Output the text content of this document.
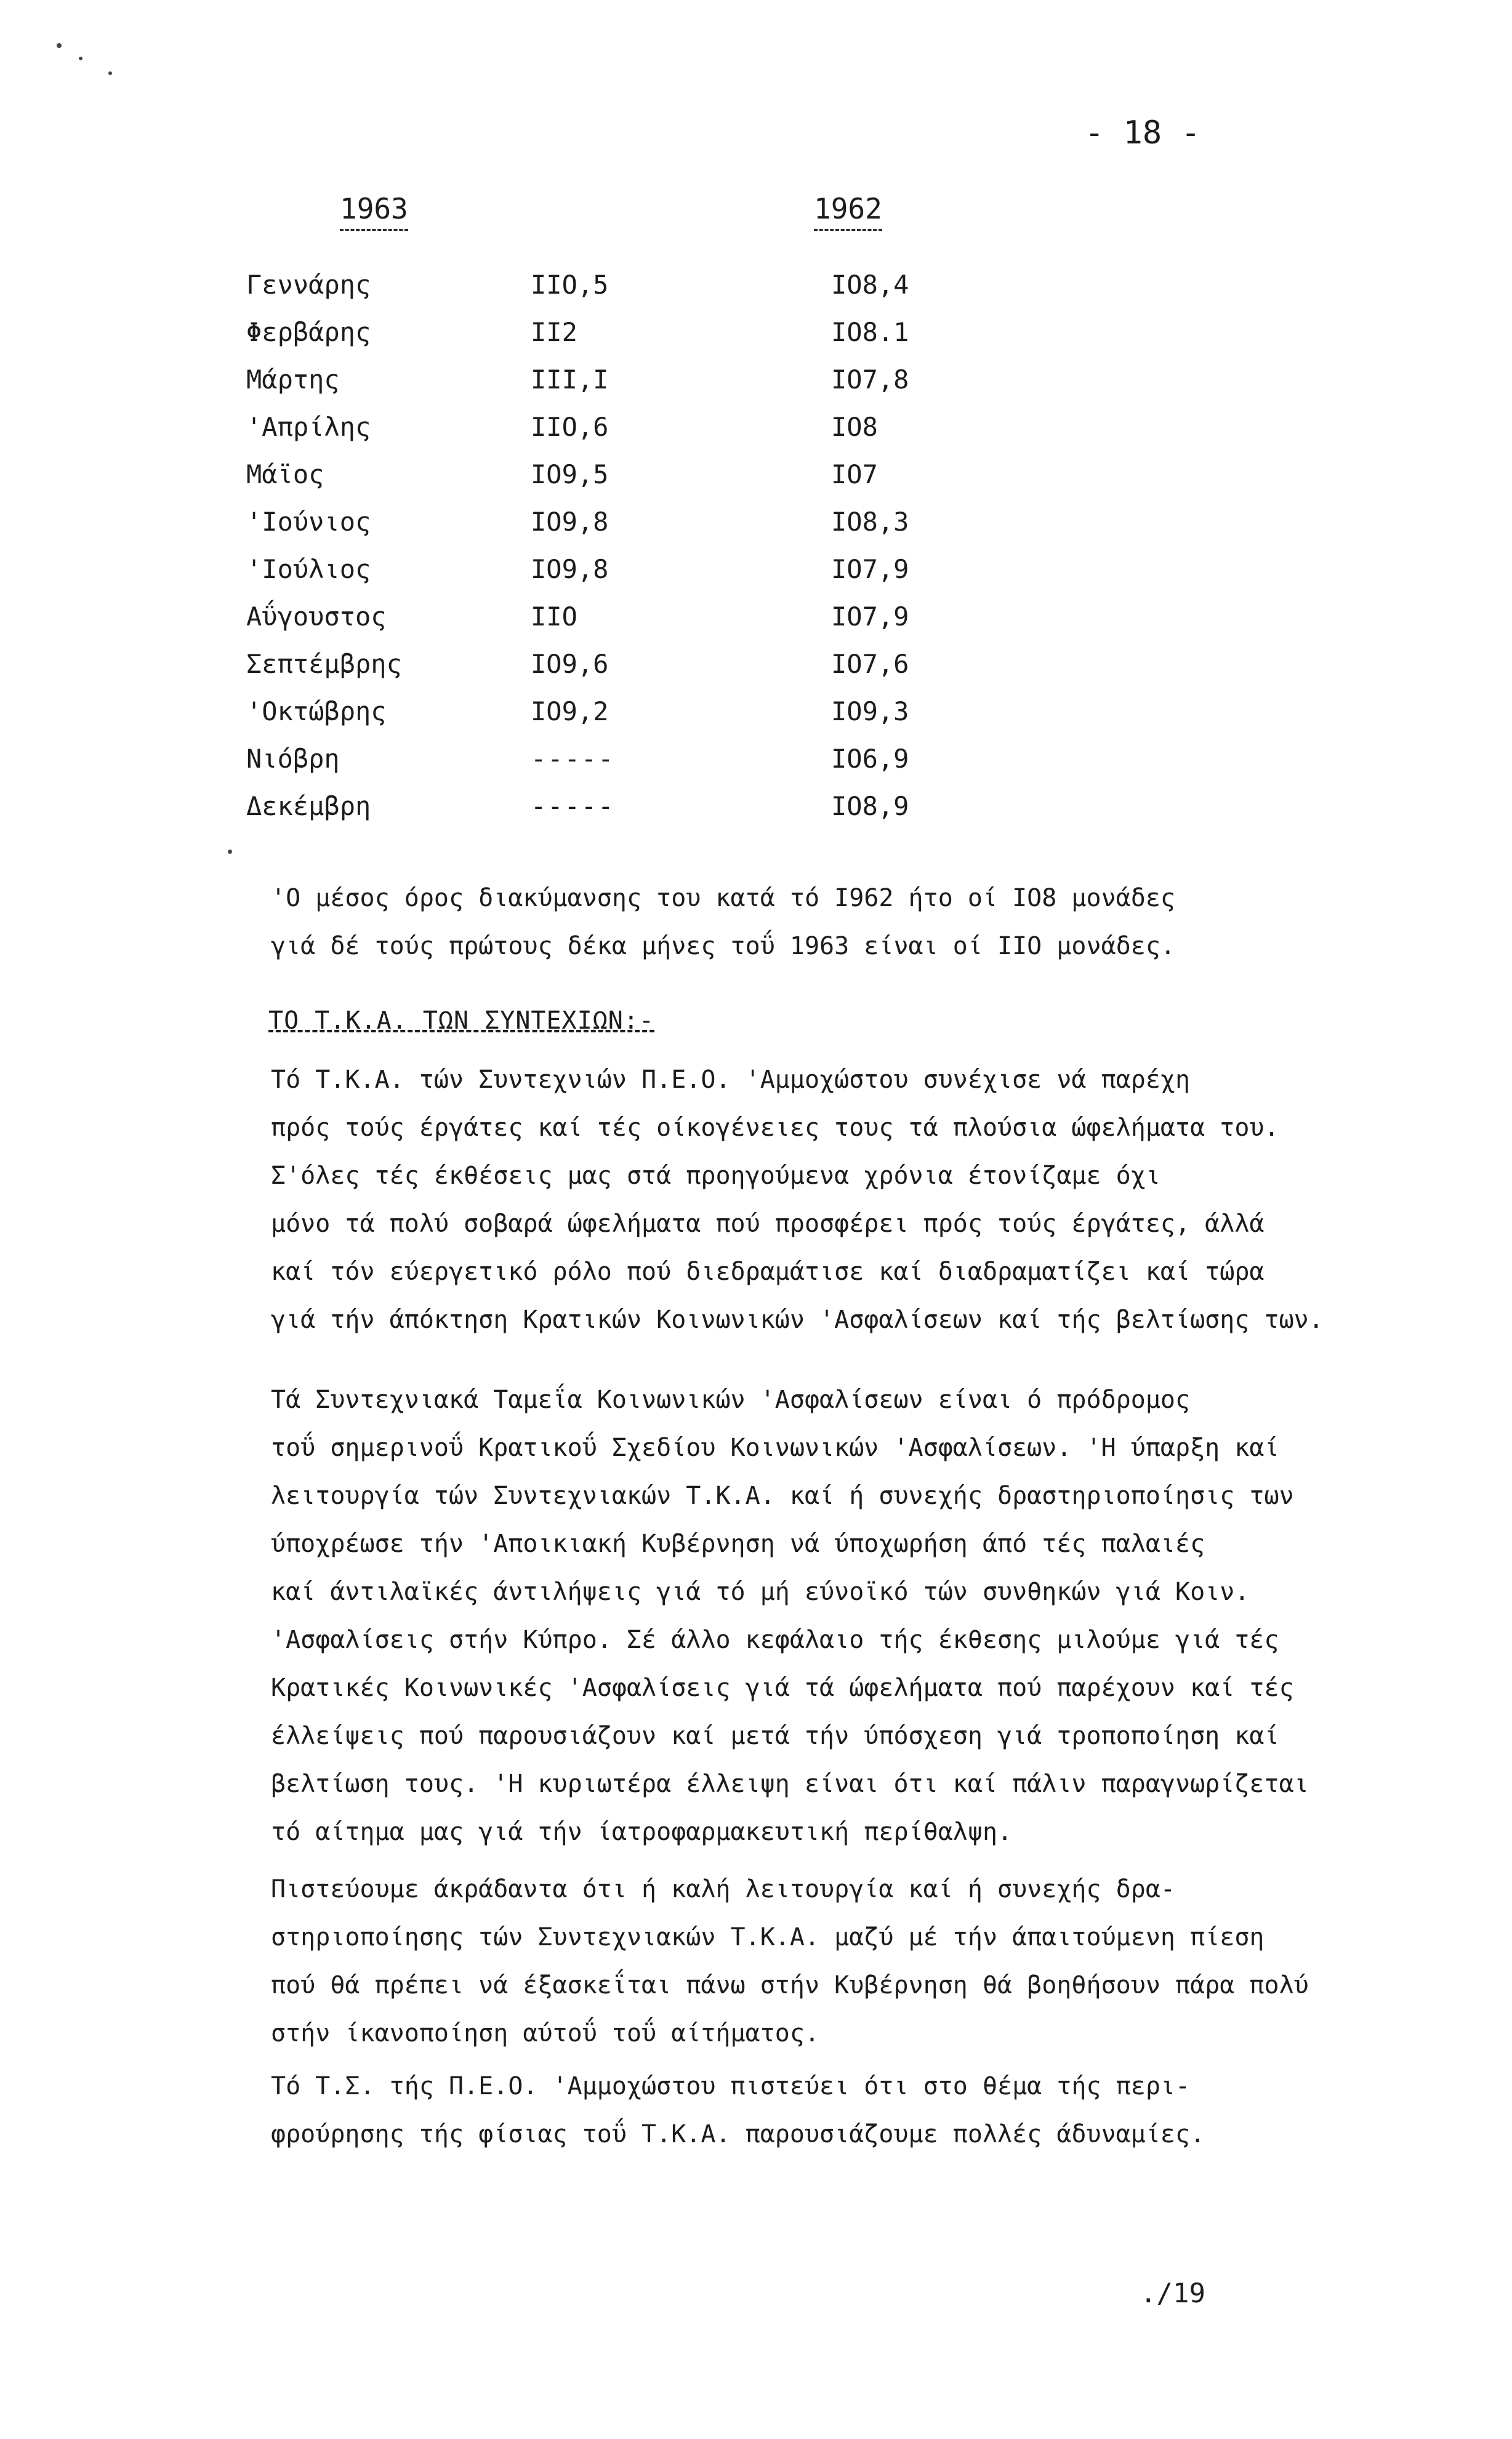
- 18 -
1963	1962
Γεννάρης	ΙΙΟ,5	ΙΟ8,4
Φερβάρης	ΙΙ2	ΙΟ8.1
Μάρτης	ΙΙΙ,Ι	ΙΟ7,8
'Απρίλης	ΙΙΟ,6	ΙΟ8
Μάϊος	ΙΟ9,5	ΙΟ7
'Ιούνιος	ΙΟ9,8	ΙΟ8,3
'Ιούλιος	ΙΟ9,8	ΙΟ7,9
Αΰγουστος	ΙΙΟ	ΙΟ7,9
Σεπτέμβρης	ΙΟ9,6	ΙΟ7,6
'Οκτώβρης	ΙΟ9,2	ΙΟ9,3
Νιόβρη	-----	ΙΟ6,9
Δεκέμβρη	-----	ΙΟ8,9
'Ο μέσος όρος διακύμανσης του κατά τό Ι962 ήτο οί ΙΟ8 μονάδες
γιά δέ τούς πρώτους δέκα μήνες τοΰ 1963 είναι οί ΙΙΟ μονάδες.
ΤΟ Τ.Κ.Α. ΤΩΝ ΣΥΝΤΕΧΙΩΝ:-
Τό Τ.Κ.Α. τών Συντεχνιών Π.Ε.Ο. 'Αμμοχώστου συνέχισε νά παρέχη
πρός τούς έργάτες καί τές οίκογένειες τους τά πλούσια ώφελήματα του.
Σ'όλες τές έκθέσεις μας στά προηγούμενα χρόνια έτονίζαμε όχι
μόνο τά πολύ σοβαρά ώφελήματα πού προσφέρει πρός τούς έργάτες, άλλά
καί τόν εύεργετικό ρόλο πού διεδραμάτισε καί διαδραματίζει καί τώρα
γιά τήν άπόκτηση Κρατικών Κοινωνικών 'Ασφαλίσεων καί τής βελτίωσης των.
Τά Συντεχνιακά Ταμεΐα Κοινωνικών 'Ασφαλίσεων είναι ό πρόδρομος
τοΰ σημερινοΰ Κρατικοΰ Σχεδίου Κοινωνικών 'Ασφαλίσεων. 'Η ύπαρξη καί
λειτουργία τών Συντεχνιακών Τ.Κ.Α. καί ή συνεχής δραστηριοποίησις των
ύποχρέωσε τήν 'Αποικιακή Κυβέρνηση νά ύποχωρήση άπό τές παλαιές
καί άντιλαϊκές άντιλήψεις γιά τό μή εύνοϊκό τών συνθηκών γιά Κοιν.
'Ασφαλίσεις στήν Κύπρο. Σέ άλλο κεφάλαιο τής έκθεσης μιλούμε γιά τές
Κρατικές Κοινωνικές 'Ασφαλίσεις γιά τά ώφελήματα πού παρέχουν καί τές
έλλείψεις πού παρουσιάζουν καί μετά τήν ύπόσχεση γιά τροποποίηση καί
βελτίωση τους. 'Η κυριωτέρα έλλειψη είναι ότι καί πάλιν παραγνωρίζεται
τό αίτημα μας γιά τήν ίατροφαρμακευτική περίθαλψη.
Πιστεύουμε άκράδαντα ότι ή καλή λειτουργία καί ή συνεχής δρα-
στηριοποίησης τών Συντεχνιακών Τ.Κ.Α. μαζύ μέ τήν άπαιτούμενη πίεση
πού θά πρέπει νά έξασκεΐται πάνω στήν Κυβέρνηση θά βοηθήσουν πάρα πολύ
στήν ίκανοποίηση αύτοΰ τοΰ αίτήματος.
Τό Τ.Σ. τής Π.Ε.Ο. 'Αμμοχώστου πιστεύει ότι στο θέμα τής περι-
φρούρησης τής φίσιας τοΰ Τ.Κ.Α. παρουσιάζουμε πολλές άδυναμίες.
./19
